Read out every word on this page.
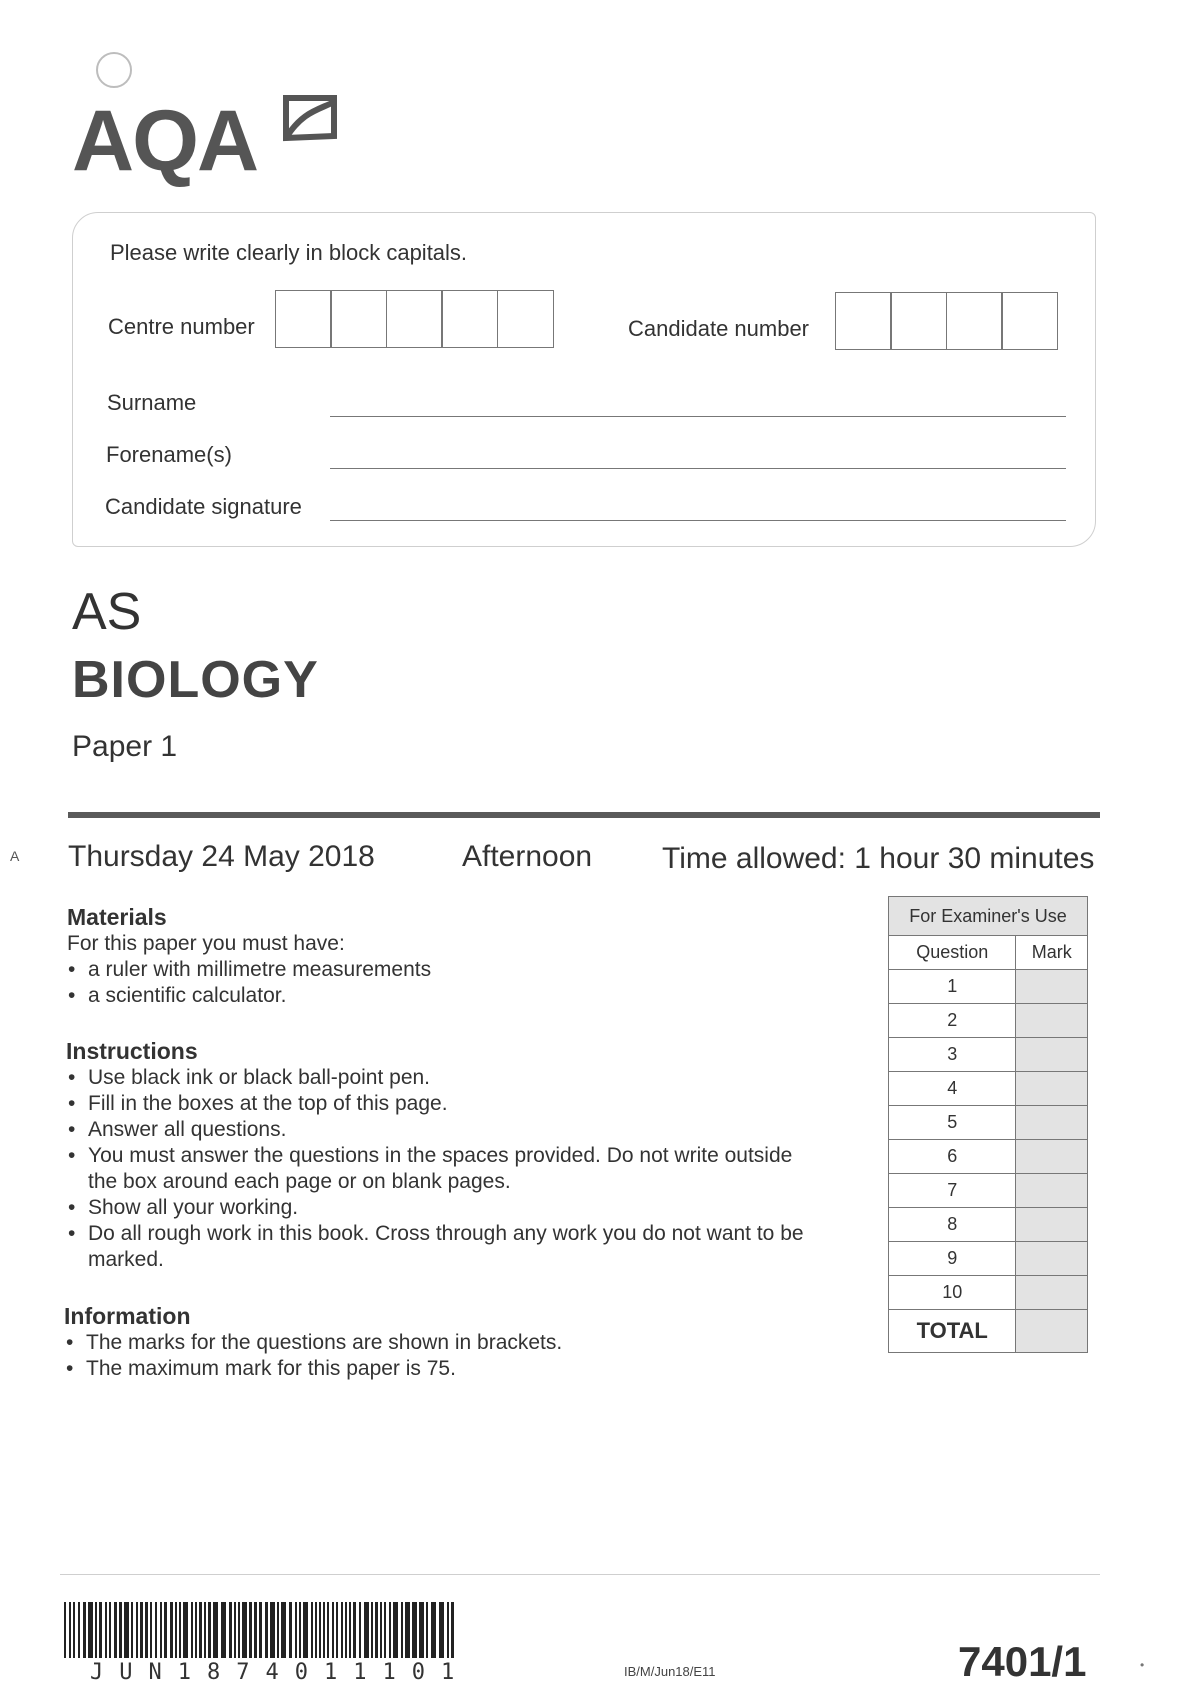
AQA
Please write clearly in block capitals.
Centre number	Candidate number
Surname
Forename(s)
Candidate signature
AS
BIOLOGY
Paper 1
A Thursday 24 May 2018	Afternoon Time allowed: 1 hour 30 minutes
Materials
For this paper you must have:
• a ruler with millimetre measurements
• a scientific calculator.
Instructions
• Use black ink or black ball-point pen.
• Fill in the boxes at the top of this page.
• Answer all questions.
• You must answer the questions in the spaces provided. Do not write outside the box around each page or on blank pages.
• Show all your working.
• Do all rough work in this book. Cross through any work you do not want to be marked.
Information
• The marks for the questions are shown in brackets.
• The maximum mark for this paper is 75.
For Examiner's Use	
Question	Mark
1	
2	
3	
4	
5	
6	
7	
8	
9	
10	
TOTAL	
JUN1874011101	IB/M/Jun18/E11	7401/1	•
